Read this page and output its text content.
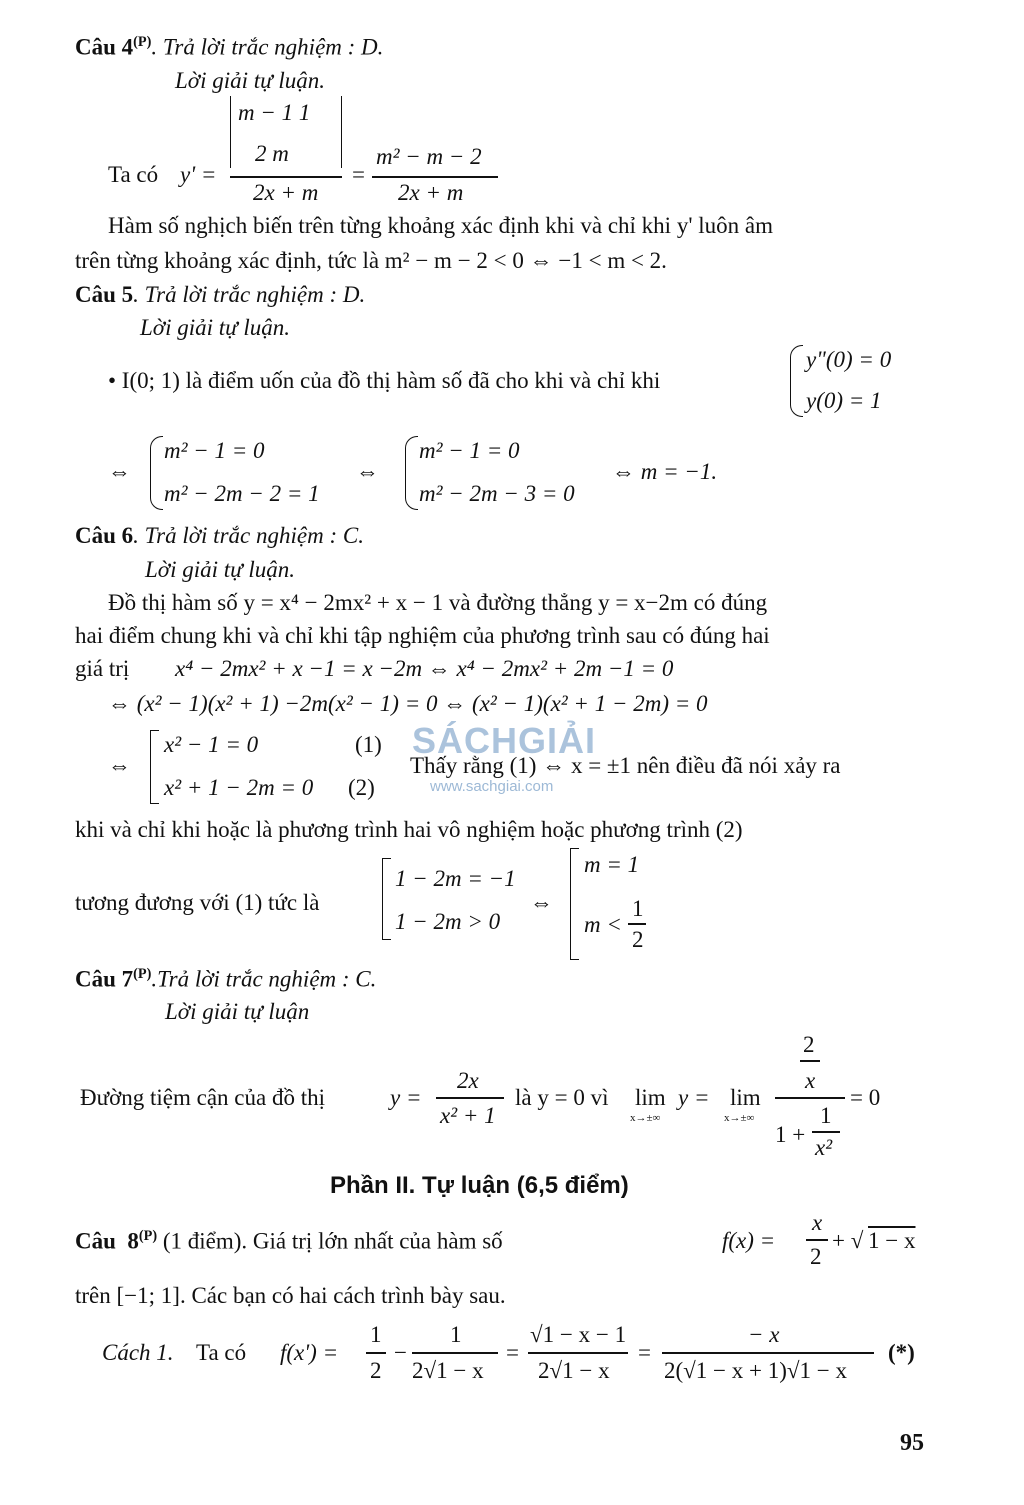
Câu $4^{(P)}$. Trả lời trắc nghiệm : D.
Lời giải tự luận.
Ta có y' =
m − 1 1
2 m
2x + m
=
m² − m − 2
2x + m
Hàm số nghịch biến trên từng khoảng xác định khi và chỉ khi y' luôn âm
trên từng khoảng xác định, tức là m² − m − 2 < 0 ⇔ −1 < m < 2.
Câu 5. Trả lời trắc nghiệm : D.
Lời giải tự luận.
• I(0; 1) là điểm uốn của đồ thị hàm số đã cho khi và chỉ khi
y"(0) = 0
y(0) = 1
⇔
m² − 1 = 0
m² − 2m − 2 = 1
⇔
m² − 1 = 0
m² − 2m − 3 = 0
⇔ m = −1.
Câu 6. Trả lời trắc nghiệm : C.
Lời giải tự luận.
Đồ thị hàm số y = x⁴ − 2mx² + x − 1 và đường thẳng y = x−2m có đúng
hai điểm chung khi và chỉ khi tập nghiệm của phương trình sau có đúng hai
giá trị x⁴ − 2mx² + x −1 = x −2m ⇔ x⁴ − 2mx² + 2m −1 = 0
⇔ (x² − 1)(x² + 1) −2m(x² − 1) = 0 ⇔ (x² − 1)(x² + 1 − 2m) = 0
⇔
x² − 1 = 0	(1)
x² + 1 − 2m = 0 (2)
Thấy rằng (1) ⇔ x = ±1 nên điều đã nói xảy ra
khi và chỉ khi hoặc là phương trình hai vô nghiệm hoặc phương trình (2)
tương đương với (1) tức là
1 − 2m = −1
1 − 2m > 0
⇔
m = 1
m <
1
2
Câu $7^{(P)}.Trả$ lời trắc nghiệm : C.
Lời giải tự luận
Đường tiệm cận của đồ thị	y =
2x
x² + 1
là y = 0 vì lim
x→±∞
y = lim
x→±∞
2
x
1 +
1
x²
= 0
Phần II. Tự luận (6,5 điểm)
Câu $8^{(P)}$ (1 điểm). Giá trị lớn nhất của hàm số	f(x) =
x
2
+ √ 1 − x
trên [−1; 1]. Các bạn có hai cách trình bày sau.
Cách 1. Ta có f(x') =
1
2
−
1
2√1 − x
=
√1 − x − 1
2√1 − x
=
− x
2(√1 − x + 1)√1 − x
(*)
95
SÁCHGIẢI
www.sachgiai.com
